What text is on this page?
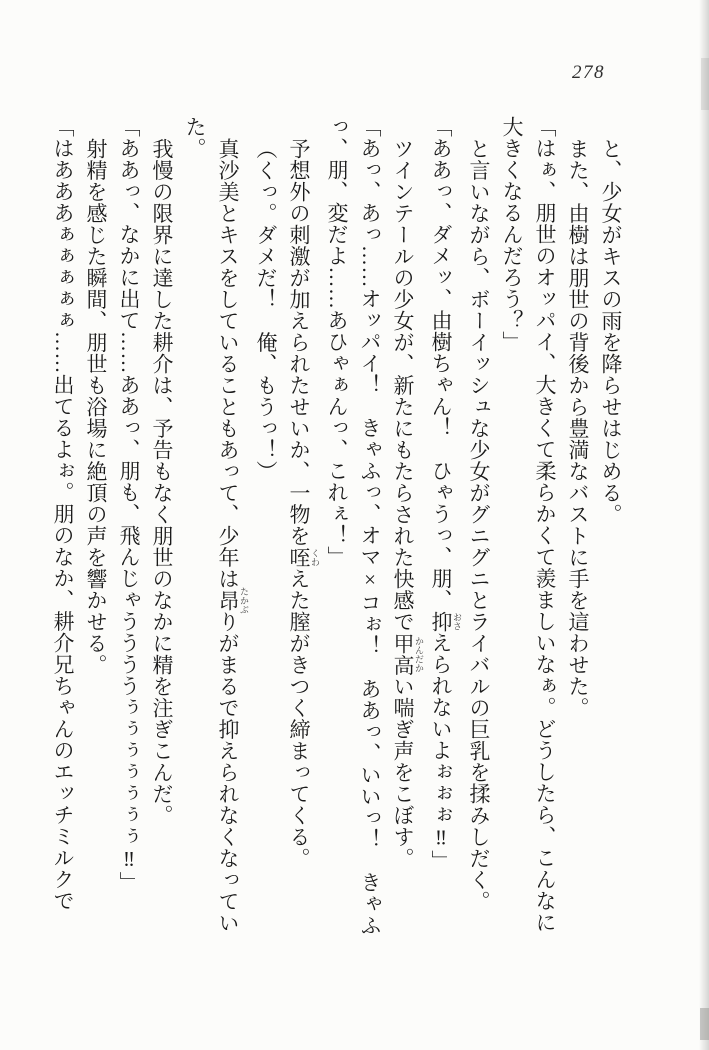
278

と、少女がキスの雨を降らせはじめる。

また、由樹は朋世の背後から豊満なバストに手を這わせた。

「はぁ、朋世のオッパイ、大きくて柔らかくて羨ましいなぁ。どうしたら、こんなに

大きくなるんだろう？」

と言いながら、ボーイッシュな少女がグニグニとライバルの巨乳を揉みしだく。

「ああっ、ダメッ、由樹ちゃん！　ひゃうっ、朋、抑 おさえられないよぉぉぉ‼」

ツインテールの少女が、新たにもたらされた快感で甲高 かんだかい喘ぎ声をこぼす。

「あっ、あっ……オッパイ！　きゃふっ、オマ×コぉ！　ああっ、いいっ！　きゃふ

っ、朋、変だよ……あひゃぁんっ、これぇ！」

予想外の刺激が加えられたせいか、一物を咥 くわえた膣がきつく締まってくる。

（くっ。ダメだ！　俺、もうっ！）

真沙美とキスをしていることもあって、少年は昂 たかぶりがまるで抑えられなくなってい

た。

我慢の限界に達した耕介は、予告もなく朋世のなかに精を注ぎこんだ。

「ああっ、なかに出て……ああっ、朋も、飛んじゃううううぅぅぅぅぅぅぅ‼」

射精を感じた瞬間、朋世も浴場に絶頂の声を響かせる。

「はあああぁぁぁぁぁ……出てるよぉ。朋のなか、耕介兄ちゃんのエッチミルクで
